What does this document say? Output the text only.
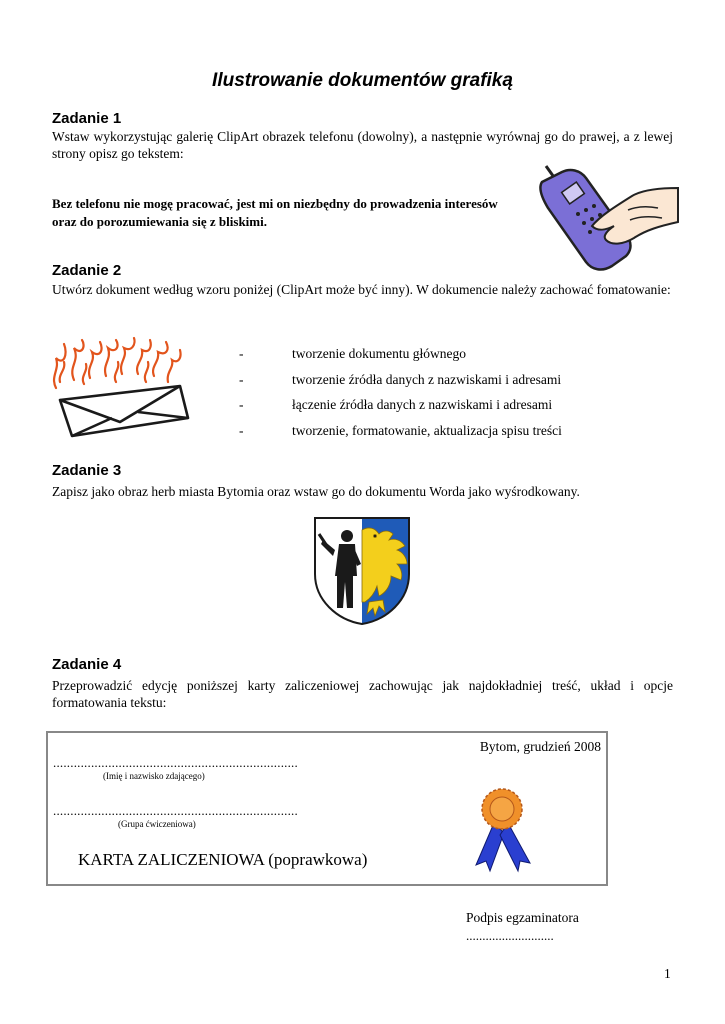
Ilustrowanie dokumentów grafiką
Zadanie 1
Wstaw wykorzystując galerię ClipArt obrazek telefonu (dowolny), a następnie wyrównaj go do prawej, a z lewej strony opisz go tekstem:
Bez telefonu nie mogę pracować, jest mi on niezbędny do prowadzenia interesów oraz do porozumiewania się z bliskimi.
Zadanie 2
Utwórz dokument według wzoru poniżej (ClipArt może być inny). W dokumencie należy zachować fomatowanie:
-	tworzenie dokumentu głównego
-	tworzenie źródła danych z nazwiskami i adresami
-	łączenie źródła danych z nazwiskami i adresami
-	tworzenie, formatowanie, aktualizacja spisu treści
Zadanie 3
Zapisz jako obraz herb miasta Bytomia oraz wstaw go do dokumentu Worda jako wyśrodkowany.
Zadanie 4
Przeprowadzić edycję poniższej karty zaliczeniowej zachowując jak najdokładniej treść, układ i opcje formatowania tekstu:
Bytom, grudzień 2008
.......................................................................
(Imię i nazwisko zdającego)
.......................................................................
(Grupa ćwiczeniowa)
KARTA ZALICZENIOWA (poprawkowa)
Podpis egzaminatora
...........................
1
